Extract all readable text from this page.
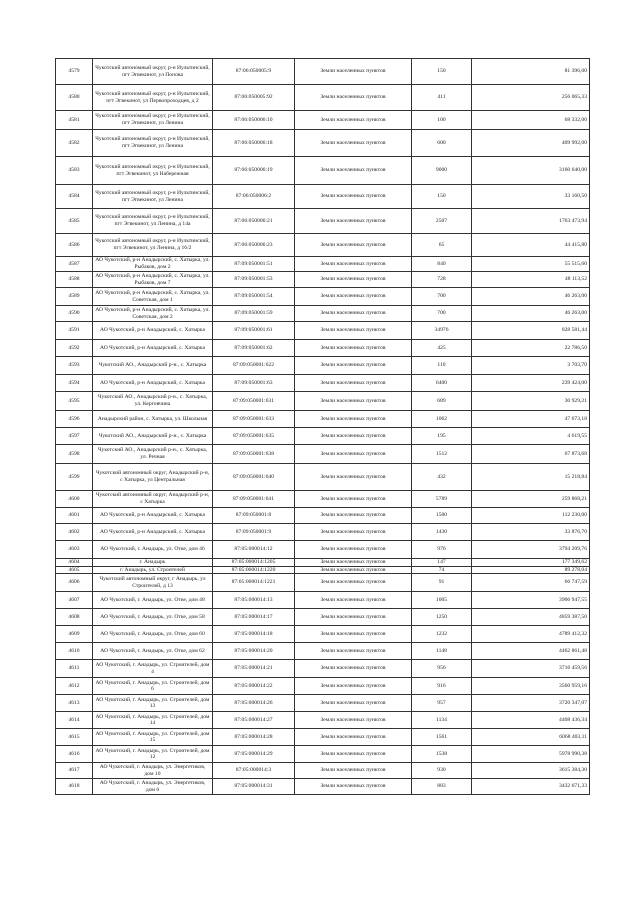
4579	Чукотский автономный округ, р-н Иультинский, пгт Эгвекинот, ул Попова	87:06:050005:9	Земли населенных пунктов	150	81 396,00
4580	Чукотский автономный округ, р-н Иультинский, пгт Эгвекинот, ул Первопроходцев, д 2	87:06:050005:92	Земли населенных пунктов	411	256 065,33
4581	Чукотский автономный округ, р-н Иультинский, пгт Эгвекинот, ул Ленина	87:06:050006:10	Земли населенных пунктов	100	68 332,00
4582	Чукотский автономный округ, р-н Иультинский, пгт Эгвекинот, ул Ленина	87:06:050006:18	Земли населенных пунктов	600	409 992,00
4583	Чукотский автономный округ, р-н Иультинский, пгт Эгвекинот, ул Набережная	87:06:050006:19	Земли населенных пунктов	9000	3160 640,00
4584	Чукотский автономный округ, р-н Иультинский, пгт Эгвекинот, ул Ленина	87:06:050006:2	Земли населенных пунктов	150	33 160,50
4585	Чукотский автономный округ, р-н Иультинский, пгт Эгвекинот, ул Ленина, д 14а	87:06:050006:21	Земли населенных пунктов	2507	1763 473,94
4586	Чукотский автономный округ, р-н Иультинский, пгт Эгвекинот, ул Ленина, д 16/2	87:06:050006:23	Земли населенных пунктов	65	44 415,80
4587	АО Чукотский, р-н Анадырский, с. Хатырка, ул. Рыбаков, дом 2	87:09:050001:51	Земли населенных пунктов	840	55 515,60
4588	АО Чукотский, р-н Анадырский, с. Хатырка, ул. Рыбаков, дом 7	87:09:050001:53	Земли населенных пунктов	728	48 113,52
4589	АО Чукотский, р-н Анадырский, с. Хатырка, ул. Советская, дом 1	87:09:050001:54	Земли населенных пунктов	700	46 263,00
4590	АО Чукотский, р-н Анадырский, с. Хатырка, ул. Советская, дом 2	87:09:050001:59	Земли населенных пунктов	700	46 263,00
4591	АО Чукотский, р-н Анадырский, с. Хатырка	87:09:050001:61	Земли населенных пунктов	34976	828 581,44
4592	АО Чукотский, р-н Анадырский, с. Хатырка	87:09:050001:62	Земли населенных пунктов	425	22 786,50
4593	Чукотский АО., Анадырский р-н., с. Хатырка	87:09:050001:622	Земли населенных пунктов	110	3 703,70
4594	АО Чукотский, р-н Анадырский, с. Хатырка	87:09:050001:63	Земли населенных пунктов	6400	239 424,00
4595	Чукотский АО., Анадырский р-н., с. Хатырка, ул. Керговчина	87:09:050001:631	Земли населенных пунктов	689	30 929,21
4596	Анадырский район, с. Хатырка, ул. Школьная	87:09:050001:633	Земли населенных пунктов	1062	47 673,18
4597	Чукотский АО., Анадырский р-н., с. Хатырка	87:09:050001:635	Земли населенных пунктов	195	4 619,55
4598	Чукотский АО., Анадырский р-н., с. Хатырка, ул. Речная	87:09:050001:638	Земли населенных пунктов	1512	67 873,68
4599	Чукотский автономный округ, Анадырский р-н, с Хатырка, ул Центральная	87:09:050001:640	Земли населенных пунктов	432	15 218,84
4600	Чукотский автономный округ, Анадырский р-н, с Хатырка	87:09:050001:641	Земли населенных пунктов	5789	259 868,21
4601	АО Чукотский, р-н Анадырский, с. Хатырка	87:09:050001:8	Земли населенных пунктов	1500	112 230,00
4602	АО Чукотский, р-н Анадырский, с. Хатырка	87:09:050001:9	Земли населенных пунктов	1430	33 876,70
4603	АО Чукотский, г. Анадырь, ул. Отке, дом 46	87:05:000014:12	Земли населенных пунктов	976	3794 209,76
4604	г. Анадырь	87:05:000014:1205	Земли населенных пунктов	147	177 349,62
4605	г. Анадырь, ул. Строителей	87:05:000014:1220	Земли населенных пунктов	74	89 278,04
4606	Чукотский автономный округ, г Анадырь, ул Строителей, д 13	87:05:000014:1221	Земли населенных пунктов	91	66 747,59
4607	АО Чукотский, г. Анадырь, ул. Отке, дом 48	87:05:000014:13	Земли населенных пунктов	1005	3906 947,55
4608	АО Чукотский, г. Анадырь, ул. Отке, дом 58	87:05:000014:17	Земли населенных пунктов	1250	4859 387,50
4609	АО Чукотский, г. Анадырь, ул. Отке, дом 60	87:05:000014:18	Земли населенных пунктов	1232	4789 412,32
4610	АО Чукотский, г. Анадырь, ул. Отке, дом 62	87:05:000014:20	Земли населенных пунктов	1148	4462 861,48
4611	АО Чукотский, г. Анадырь, ул. Строителей, дом 4	87:05:000014:21	Земли населенных пунктов	956	3716 459,56
4612	АО Чукотский, г. Анадырь, ул. Строителей, дом 6	87:05:000014:22	Земли населенных пунктов	916	3560 959,16
4613	АО Чукотский, г. Анадырь, ул. Строителей, дом 13	87:05:000014:26	Земли населенных пунктов	957	3720 347,07
4614	АО Чукотский, г. Анадырь, ул. Строителей, дом 14	87:05:000014:27	Земли населенных пунктов	1134	4408 436,34
4615	АО Чукотский, г. Анадырь, ул. Строителей, дом 15	87:05:000014:28	Земли населенных пунктов	1561	6068 403,11
4616	АО Чукотский, г. Анадырь, ул. Строителей, дом 12	87:05:000014:29	Земли населенных пунктов	1538	5978 990,38
4617	АО Чукотский, г. Анадырь, ул. Энергетиков, дом 10	87:05:000014:3	Земли населенных пунктов	930	3615 384,30
4618	АО Чукотский, г. Анадырь, ул. Энергетиков, дом 6	87:05:000014:31	Земли населенных пунктов	883	3432 671,33
